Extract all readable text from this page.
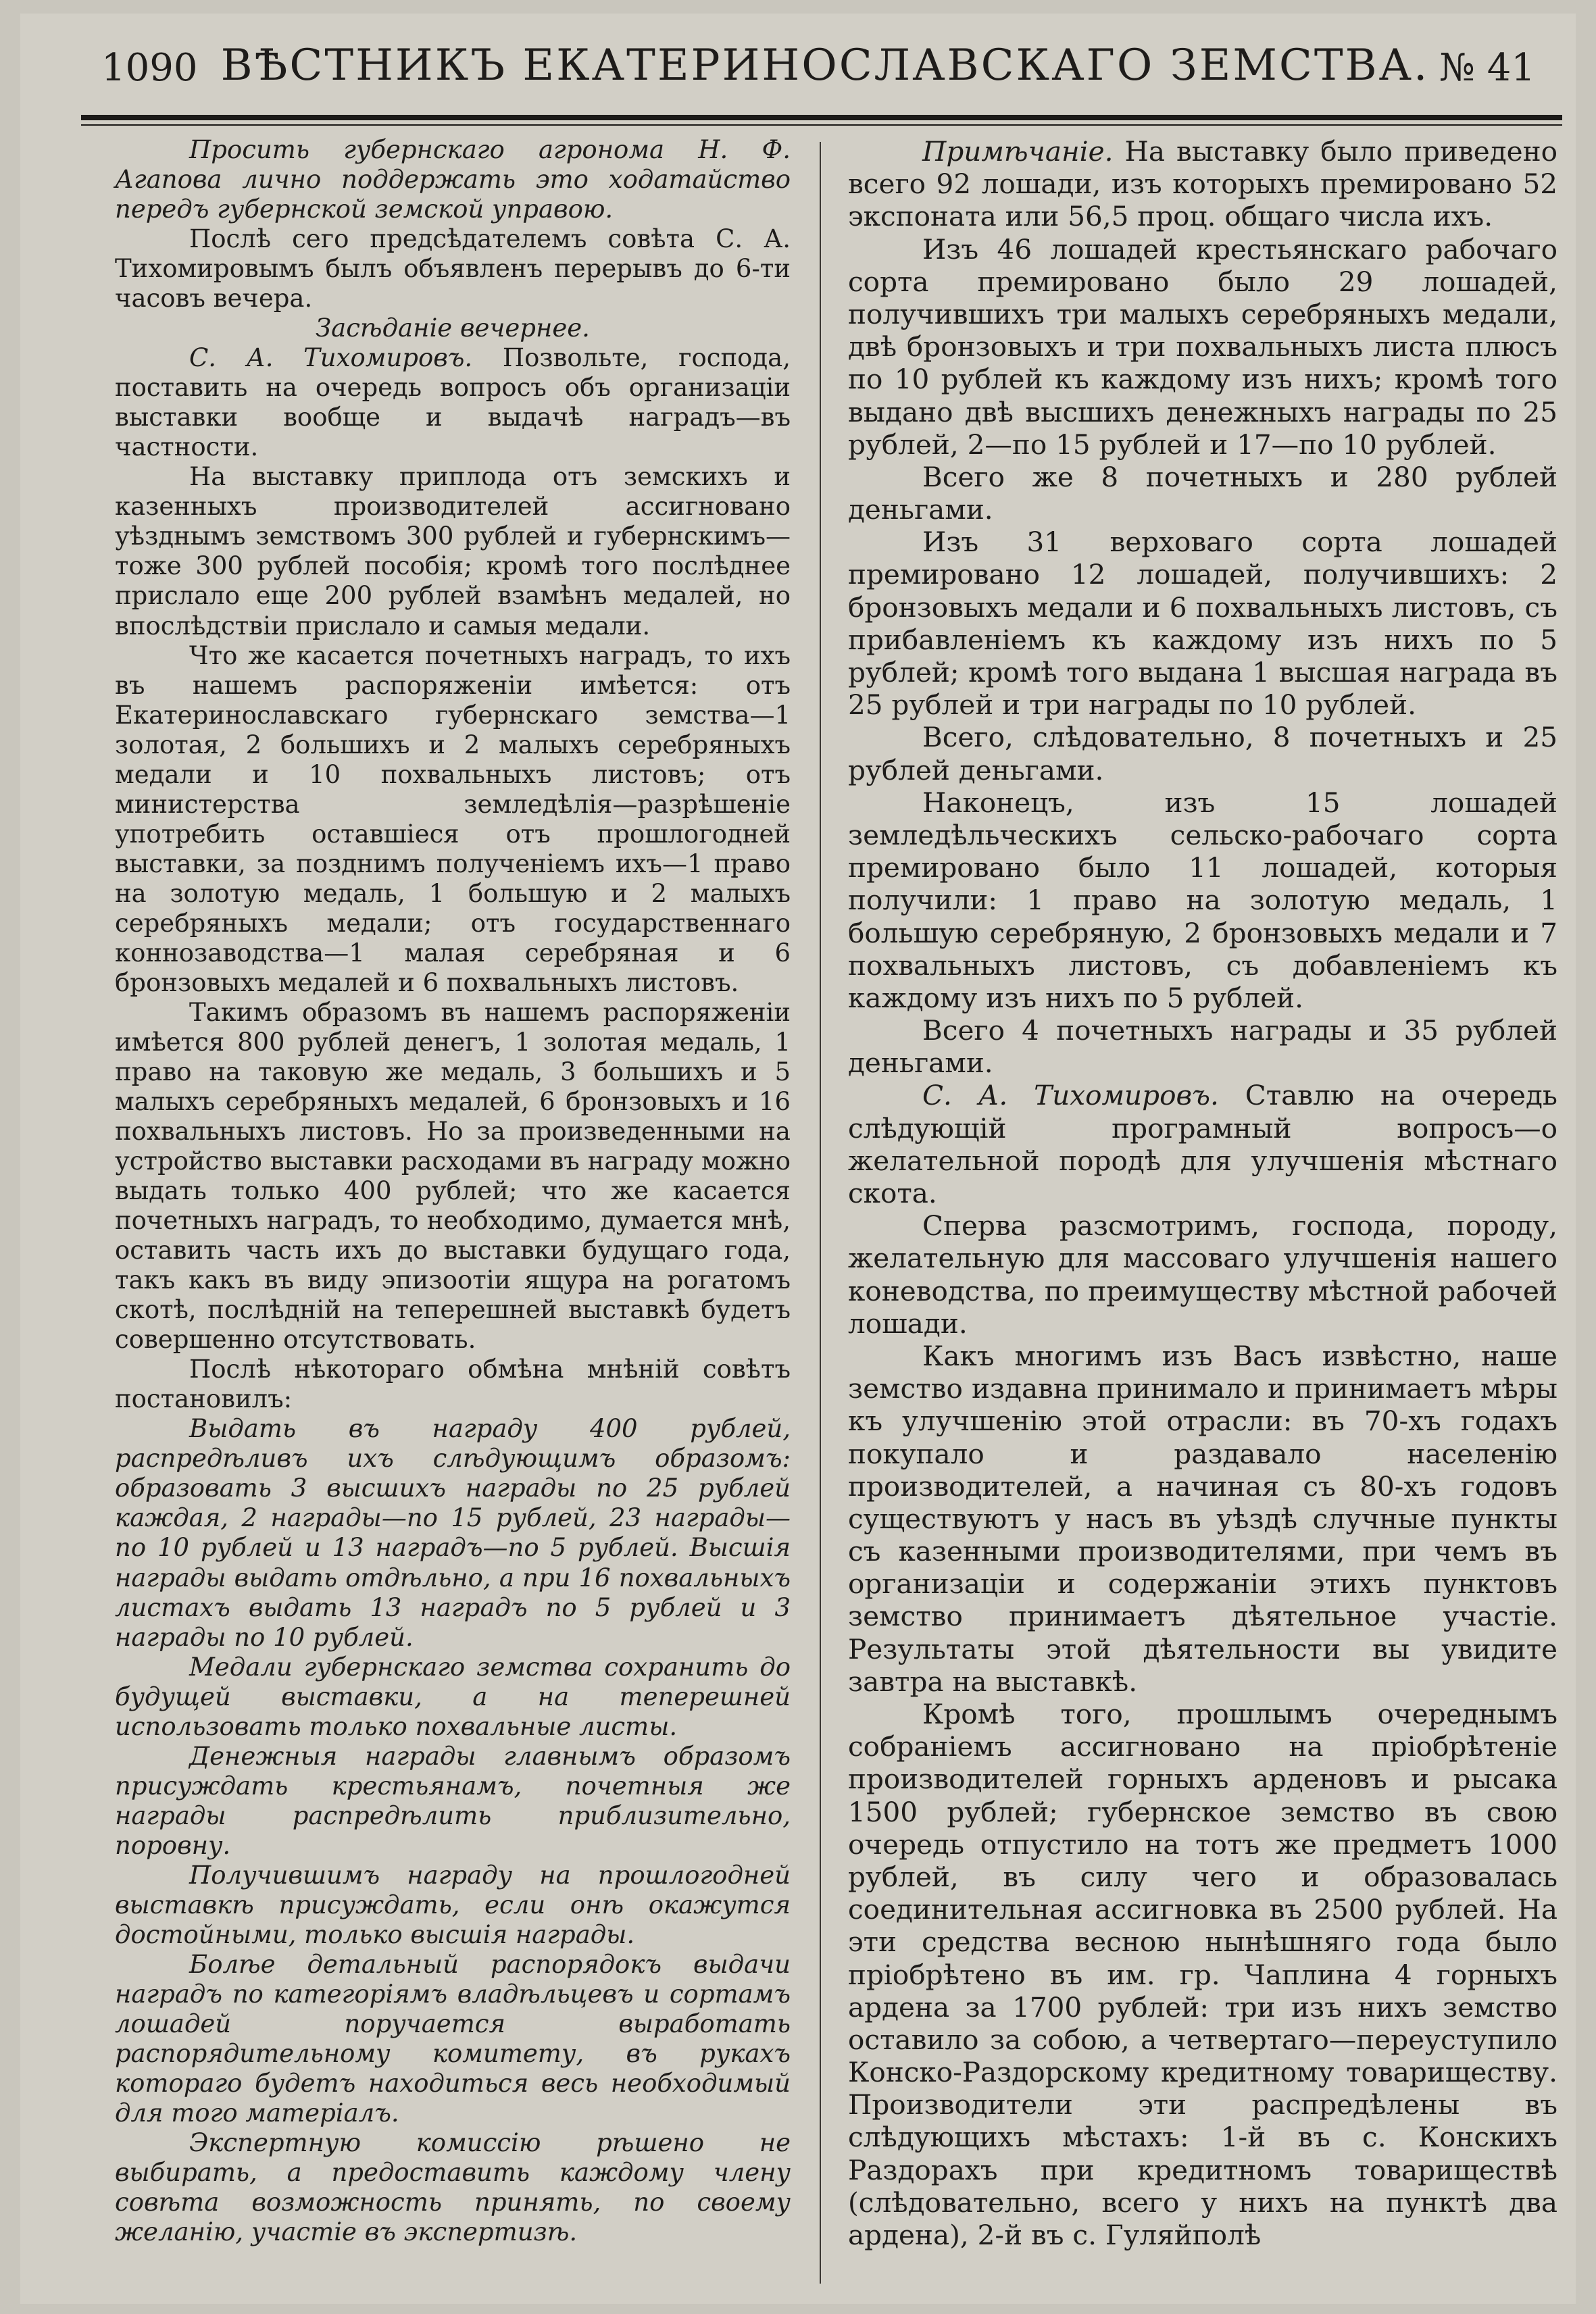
1090 ВѢСТНИКЪ ЕКАТЕРИНОСЛАВСКАГО ЗЕМСТВА. № 41

Просить губернскаго агронома Н. Ф. Агапова лично поддержать это ходатайство передъ губернской земской управою.

Послѣ сего предсѣдателемъ совѣта С. А. Тихомировымъ былъ объявленъ перерывъ до 6-ти часовъ вечера.

Засѣданіе вечернее.

С. А. Тихомировъ. Позвольте, господа, поставить на очередь вопросъ объ организаціи выставки вообще и выдачѣ наградъ—въ частности.

На выставку приплода отъ земскихъ и казенныхъ производителей ассигновано уѣзднымъ земствомъ 300 рублей и губернскимъ—тоже 300 рублей пособія; кромѣ того послѣднее прислало еще 200 рублей взамѣнъ медалей, но впослѣдствіи прислало и самыя медали.

Что же касается почетныхъ наградъ, то ихъ въ нашемъ распоряженіи имѣется: отъ Екатеринославскаго губернскаго земства—1 золотая, 2 большихъ и 2 малыхъ серебряныхъ медали и 10 похвальныхъ листовъ; отъ министерства земледѣлія—разрѣшеніе употребить оставшіеся отъ прошлогодней выставки, за позднимъ полученіемъ ихъ—1 право на золотую медаль, 1 большую и 2 малыхъ серебряныхъ медали; отъ государственнаго коннозаводства—1 малая серебряная и 6 бронзовыхъ медалей и 6 похвальныхъ листовъ.

Такимъ образомъ въ нашемъ распоряженіи имѣется 800 рублей денегъ, 1 золотая медаль, 1 право на таковую же медаль, 3 большихъ и 5 малыхъ серебряныхъ медалей, 6 бронзовыхъ и 16 похвальныхъ листовъ. Но за произведенными на устройство выставки расходами въ награду можно выдать только 400 рублей; что же касается почетныхъ наградъ, то необходимо, думается мнѣ, оставить часть ихъ до выставки будущаго года, такъ какъ въ виду эпизоотіи ящура на рогатомъ скотѣ, послѣдній на теперешней выставкѣ будетъ совершенно отсутствовать.

Послѣ нѣкотораго обмѣна мнѣній совѣтъ постановилъ:

Выдать въ награду 400 рублей, распредѣливъ ихъ слѣдующимъ образомъ: образовать 3 высшихъ награды по 25 рублей каждая, 2 награды—по 15 рублей, 23 награды—по 10 рублей и 13 наградъ—по 5 рублей. Высшія награды выдать отдѣльно, а при 16 похвальныхъ листахъ выдать 13 наградъ по 5 рублей и 3 награды по 10 рублей.

Медали губернскаго земства сохранить до будущей выставки, а на теперешней использовать только похвальные листы.

Денежныя награды главнымъ образомъ присуждать крестьянамъ, почетныя же награды распредѣлить приблизительно, поровну.

Получившимъ награду на прошлогодней выставкѣ присуждать, если онѣ окажутся достойными, только высшія награды.

Болѣе детальный распорядокъ выдачи наградъ по категоріямъ владѣльцевъ и сортамъ лошадей поручается выработать распорядительному комитету, въ рукахъ котораго будетъ находиться весь необходимый для того матеріалъ.

Экспертную комиссію рѣшено не выбирать, а предоставить каждому члену совѣта возможность принять, по своему желанію, участіе въ экспертизѣ.

Примѣчаніе. На выставку было приведено всего 92 лошади, изъ которыхъ премировано 52 экспоната или 56,5 проц. общаго числа ихъ.

Изъ 46 лошадей крестьянскаго рабочаго сорта премировано было 29 лошадей, получившихъ три малыхъ серебряныхъ медали, двѣ бронзовыхъ и три похвальныхъ листа плюсъ по 10 рублей къ каждому изъ нихъ; кромѣ того выдано двѣ высшихъ денежныхъ награды по 25 рублей, 2—по 15 рублей и 17—по 10 рублей.

Всего же 8 почетныхъ и 280 рублей деньгами.

Изъ 31 верховаго сорта лошадей премировано 12 лошадей, получившихъ: 2 бронзовыхъ медали и 6 похвальныхъ листовъ, съ прибавленіемъ къ каждому изъ нихъ по 5 рублей; кромѣ того выдана 1 высшая награда въ 25 рублей и три награды по 10 рублей.

Всего, слѣдовательно, 8 почетныхъ и 25 рублей деньгами.

Наконецъ, изъ 15 лошадей земледѣльческихъ сельско-рабочаго сорта премировано было 11 лошадей, которыя получили: 1 право на золотую медаль, 1 большую серебряную, 2 бронзовыхъ медали и 7 похвальныхъ листовъ, съ добавленіемъ къ каждому изъ нихъ по 5 рублей.

Всего 4 почетныхъ награды и 35 рублей деньгами.

С. А. Тихомировъ. Ставлю на очередь слѣдующій програмный вопросъ—о желательной породѣ для улучшенія мѣстнаго скота.

Сперва разсмотримъ, господа, породу, желательную для массоваго улучшенія нашего коневодства, по преимуществу мѣстной рабочей лошади.

Какъ многимъ изъ Васъ извѣстно, наше земство издавна принимало и принимаетъ мѣры къ улучшенію этой отрасли: въ 70-хъ годахъ покупало и раздавало населенію производителей, а начиная съ 80-хъ годовъ существуютъ у насъ въ уѣздѣ случные пункты съ казенными производителями, при чемъ въ организаціи и содержаніи этихъ пунктовъ земство принимаетъ дѣятельное участіе. Результаты этой дѣятельности вы увидите завтра на выставкѣ.

Кромѣ того, прошлымъ очереднымъ собраніемъ ассигновано на пріобрѣтеніе производителей горныхъ арденовъ и рысака 1500 рублей; губернское земство въ свою очередь отпустило на тотъ же предметъ 1000 рублей, въ силу чего и образовалась соединительная ассигновка въ 2500 рублей. На эти средства весною нынѣшняго года было пріобрѣтено въ им. гр. Чаплина 4 горныхъ ардена за 1700 рублей: три изъ нихъ земство оставило за собою, а четвертаго—переуступило Конско-Раздорскому кредитному товариществу. Производители эти распредѣлены въ слѣдующихъ мѣстахъ: 1-й въ с. Конскихъ Раздорахъ при кредитномъ товариществѣ (слѣдовательно, всего у нихъ на пунктѣ два ардена), 2-й въ с. Гуляйполѣ
